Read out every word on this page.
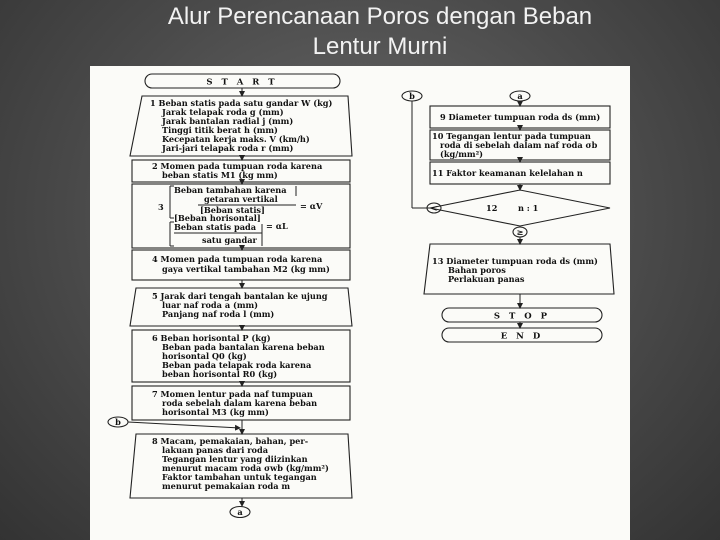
Alur Perencanaan Poros dengan Beban
Lentur Murni
S T A R T
1 Beban statis pada satu gandar W (kg)
Jarak telapak roda g (mm)
Jarak bantalan radial j (mm)
Tinggi titik berat h (mm)
Kecepatan kerja maks. V (km/h)
Jari-jari telapak roda r (mm)
2 Momen pada tumpuan roda karena
beban statis M1 (kg mm)
3
Beban tambahan karena
getaran vertikal
[Beban statis]	= αV
[Beban horisontal]
= αL
Beban statis pada
satu gandar
4 Momen pada tumpuan roda karena
gaya vertikal tambahan M2 (kg mm)
5 Jarak dari tengah bantalan ke ujung
luar naf roda a (mm)
Panjang naf roda l (mm)
6 Beban horisontal P (kg)
Beban pada bantalan karena beban
horisontal Q0 (kg)
Beban pada telapak roda karena
beban horisontal R0 (kg)
7 Momen lentur pada naf tumpuan
roda sebelah dalam karena beban
horisontal M3 (kg mm)
b
8 Macam, pemakaian, bahan, per-
lakuan panas dari roda
Tegangan lentur yang diizinkan
menurut macam roda σwb (kg/mm²)
Faktor tambahan untuk tegangan
menurut pemakaian roda m
a
b	a
9 Diameter tumpuan roda ds (mm)
10 Tegangan lentur pada tumpuan
roda di sebelah dalam naf roda σb
(kg/mm²)
11 Faktor keamanan kelelahan n
12	n : 1
<
≥
13 Diameter tumpuan roda ds (mm)
Bahan poros
Perlakuan panas
S T O P
E N D
